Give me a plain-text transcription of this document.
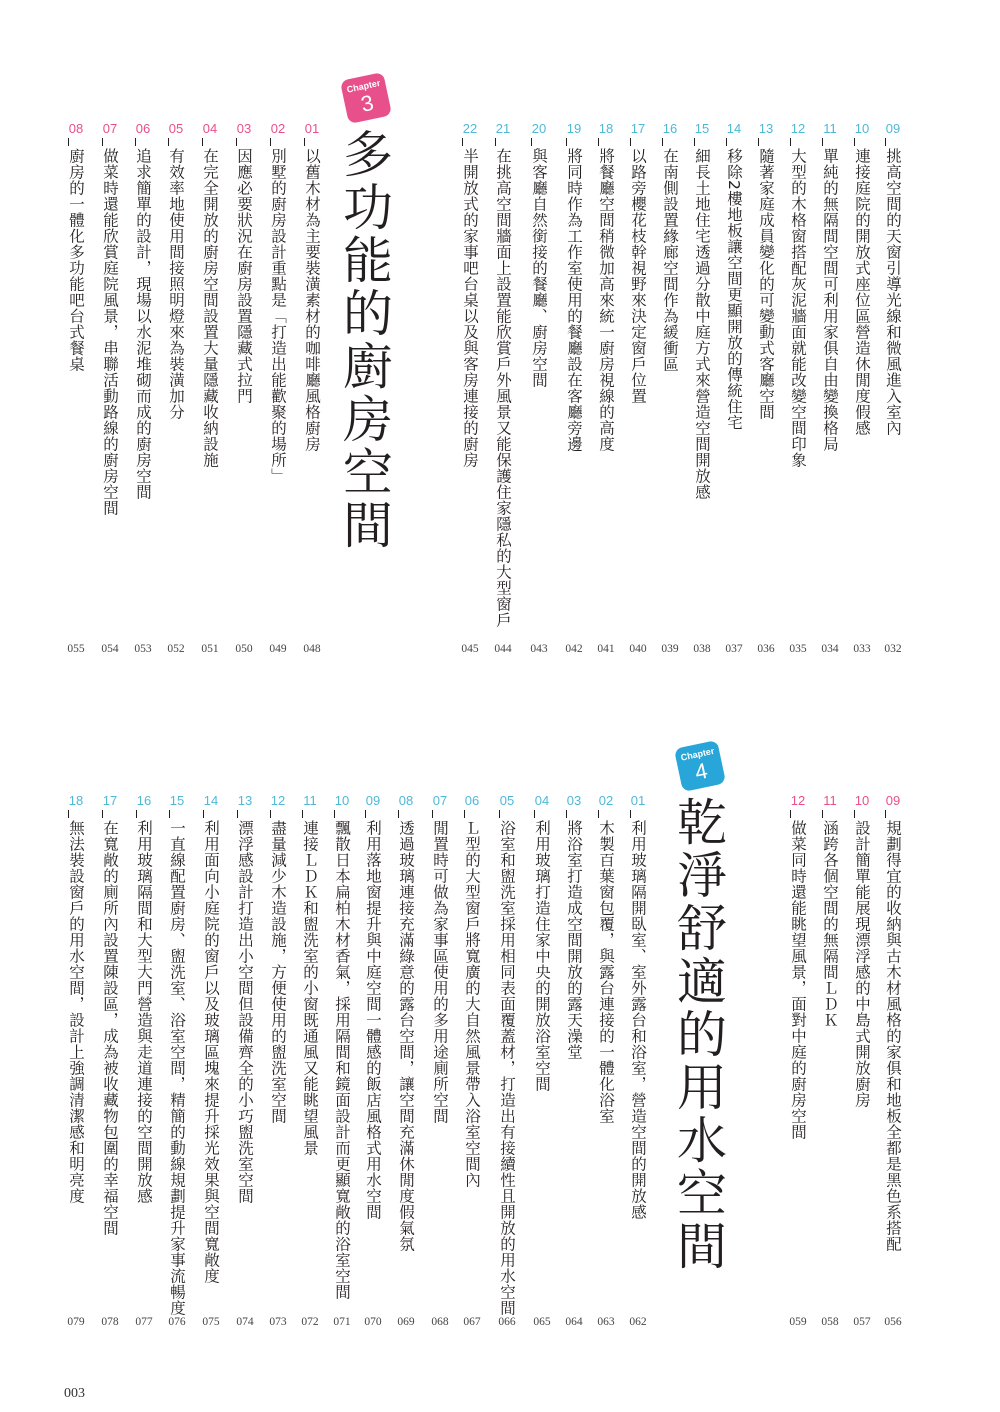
Chapter
3
多功能的廚房空間
Chapter
4
乾淨舒適的用水空間
09
挑高空間的天窗引導光線和微風進入室內
032
10
連接庭院的開放式座位區營造休閒度假感
033
11
單純的無隔間空間可利用家俱自由變換格局
034
12
大型的木格窗搭配灰泥牆面就能改變空間印象
035
13
隨著家庭成員變化的可變動式客廳空間
036
14
移除2樓地板讓空間更顯開放的傳統住宅
037
15
細長土地住宅透過分散中庭方式來營造空間開放感
038
16
在南側設置緣廊空間作為緩衝區
039
17
以路旁櫻花枝幹視野來決定窗戶位置
040
18
將餐廳空間稍微加高來統一廚房視線的高度
041
19
將同時作為工作室使用的餐廳設在客廳旁邊
042
20
與客廳自然銜接的餐廳、廚房空間
043
21
在挑高空間牆面上設置能欣賞戶外風景又能保護住家隱私的大型窗戶
044
22
半開放式的家事吧台桌以及與客房連接的廚房
045
01
以舊木材為主要裝潢素材的咖啡廳風格廚房
048
02
別墅的廚房設計重點是「打造出能歡聚的場所」
049
03
因應必要狀況在廚房設置隱藏式拉門
050
04
在完全開放的廚房空間設置大量隱藏收納設施
051
05
有效率地使用間接照明燈來為裝潢加分
052
06
追求簡單的設計，現場以水泥堆砌而成的廚房空間
053
07
做菜時還能欣賞庭院風景，串聯活動路線的廚房空間
054
08
廚房的一體化多功能吧台式餐桌
055
09
規劃得宜的收納與古木材風格的家俱和地板全都是黑色系搭配
056
10
設計簡單能展現漂浮感的中島式開放廚房
057
11
涵跨各個空間的無隔間ＬＤＫ
058
12
做菜同時還能眺望風景，面對中庭的廚房空間
059
01
利用玻璃隔開臥室、室外露台和浴室，營造空間的開放感
062
02
木製百葉窗包覆，與露台連接的一體化浴室
063
03
將浴室打造成空間開放的露天澡堂
064
04
利用玻璃打造住家中央的開放浴室空間
065
05
浴室和盥洗室採用相同表面覆蓋材，打造出有接續性且開放的用水空間
066
06
Ｌ型的大型窗戶將寬廣的大自然風景帶入浴室空間內
067
07
閒置時可做為家事區使用的多用途廁所空間
068
08
透過玻璃連接充滿綠意的露台空間，讓空間充滿休閒度假氣氛
069
09
利用落地窗提升與中庭空間一體感的飯店風格式用水空間
070
10
飄散日本扁柏木材香氣，採用隔間和鏡面設計而更顯寬敞的浴室空間
071
11
連接ＬＤＫ和盥洗室的小窗既通風又能眺望風景
072
12
盡量減少木造設施，方便使用的盥洗室空間
073
13
漂浮感設計打造出小空間但設備齊全的小巧盥洗室空間
074
14
利用面向小庭院的窗戶以及玻璃區塊來提升採光效果與空間寬敞度
075
15
一直線配置廚房、盥洗室、浴室空間，精簡的動線規劃提升家事流暢度
076
16
利用玻璃隔間和大型大門營造與走道連接的空間開放感
077
17
在寬敞的廁所內設置陳設區，成為被收藏物包圍的幸福空間
078
18
無法裝設窗戶的用水空間，設計上強調清潔感和明亮度
079
003
